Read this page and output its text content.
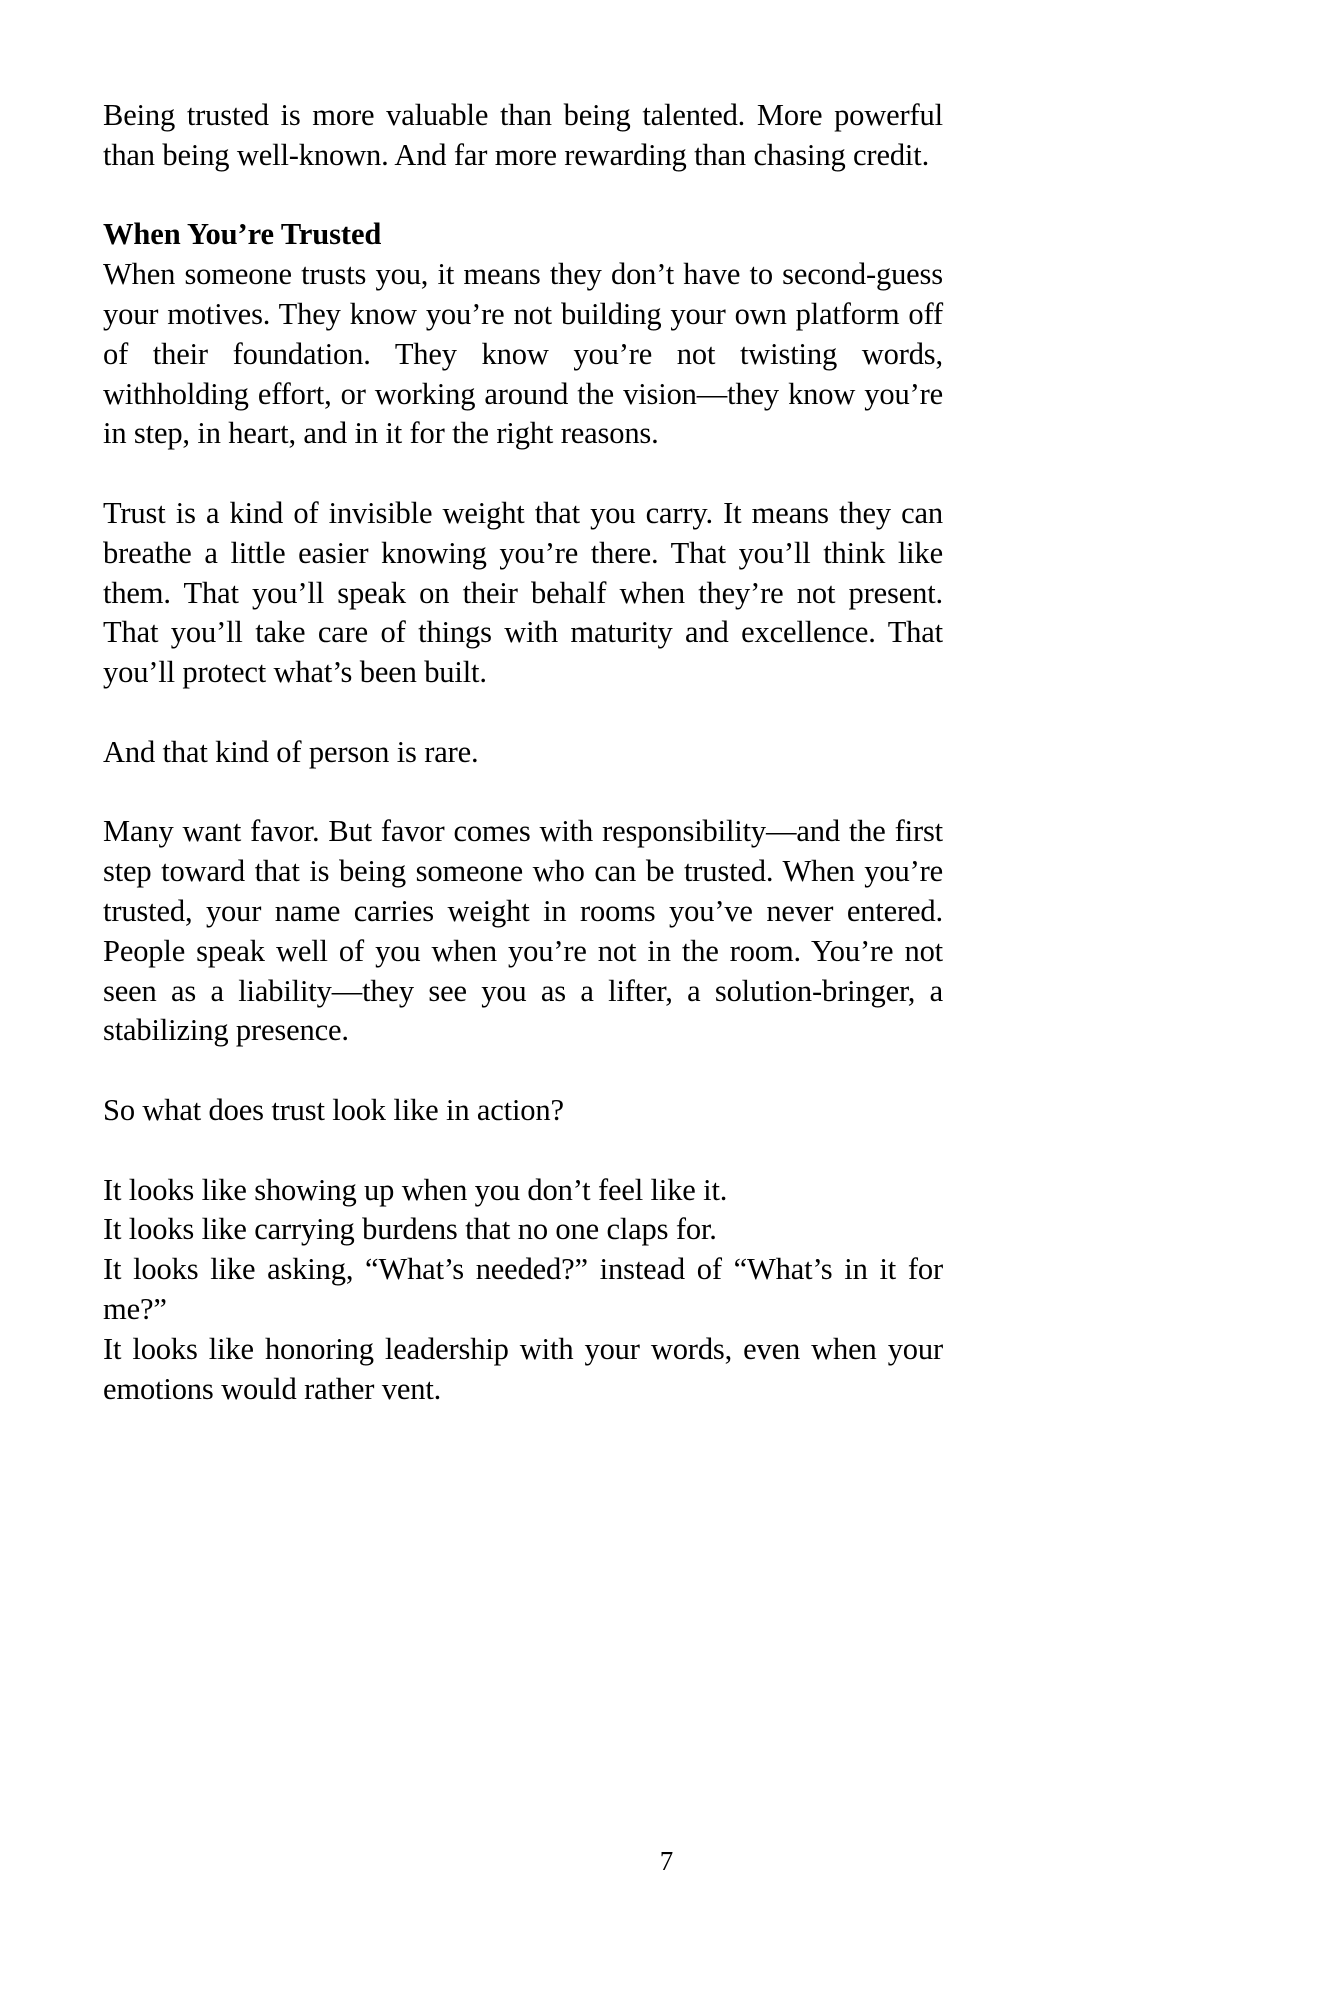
Being trusted is more valuable than being talented. More powerful than being well-known. And far more rewarding than chasing credit.

When You’re Trusted

When someone trusts you, it means they don’t have to second-guess your motives. They know you’re not building your own platform off of their foundation. They know you’re not twisting words, withholding effort, or working around the vision—they know you’re in step, in heart, and in it for the right reasons.

Trust is a kind of invisible weight that you carry. It means they can breathe a little easier knowing you’re there. That you’ll think like them. That you’ll speak on their behalf when they’re not present. That you’ll take care of things with maturity and excellence. That you’ll protect what’s been built.

And that kind of person is rare.

Many want favor. But favor comes with responsibility—and the first step toward that is being someone who can be trusted. When you’re trusted, your name carries weight in rooms you’ve never entered. People speak well of you when you’re not in the room. You’re not seen as a liability—they see you as a lifter, a solution-bringer, a stabilizing presence.

So what does trust look like in action?

It looks like showing up when you don’t feel like it.

It looks like carrying burdens that no one claps for.

It looks like asking, “What’s needed?” instead of “What’s in it for me?”

It looks like honoring leadership with your words, even when your emotions would rather vent.

7
